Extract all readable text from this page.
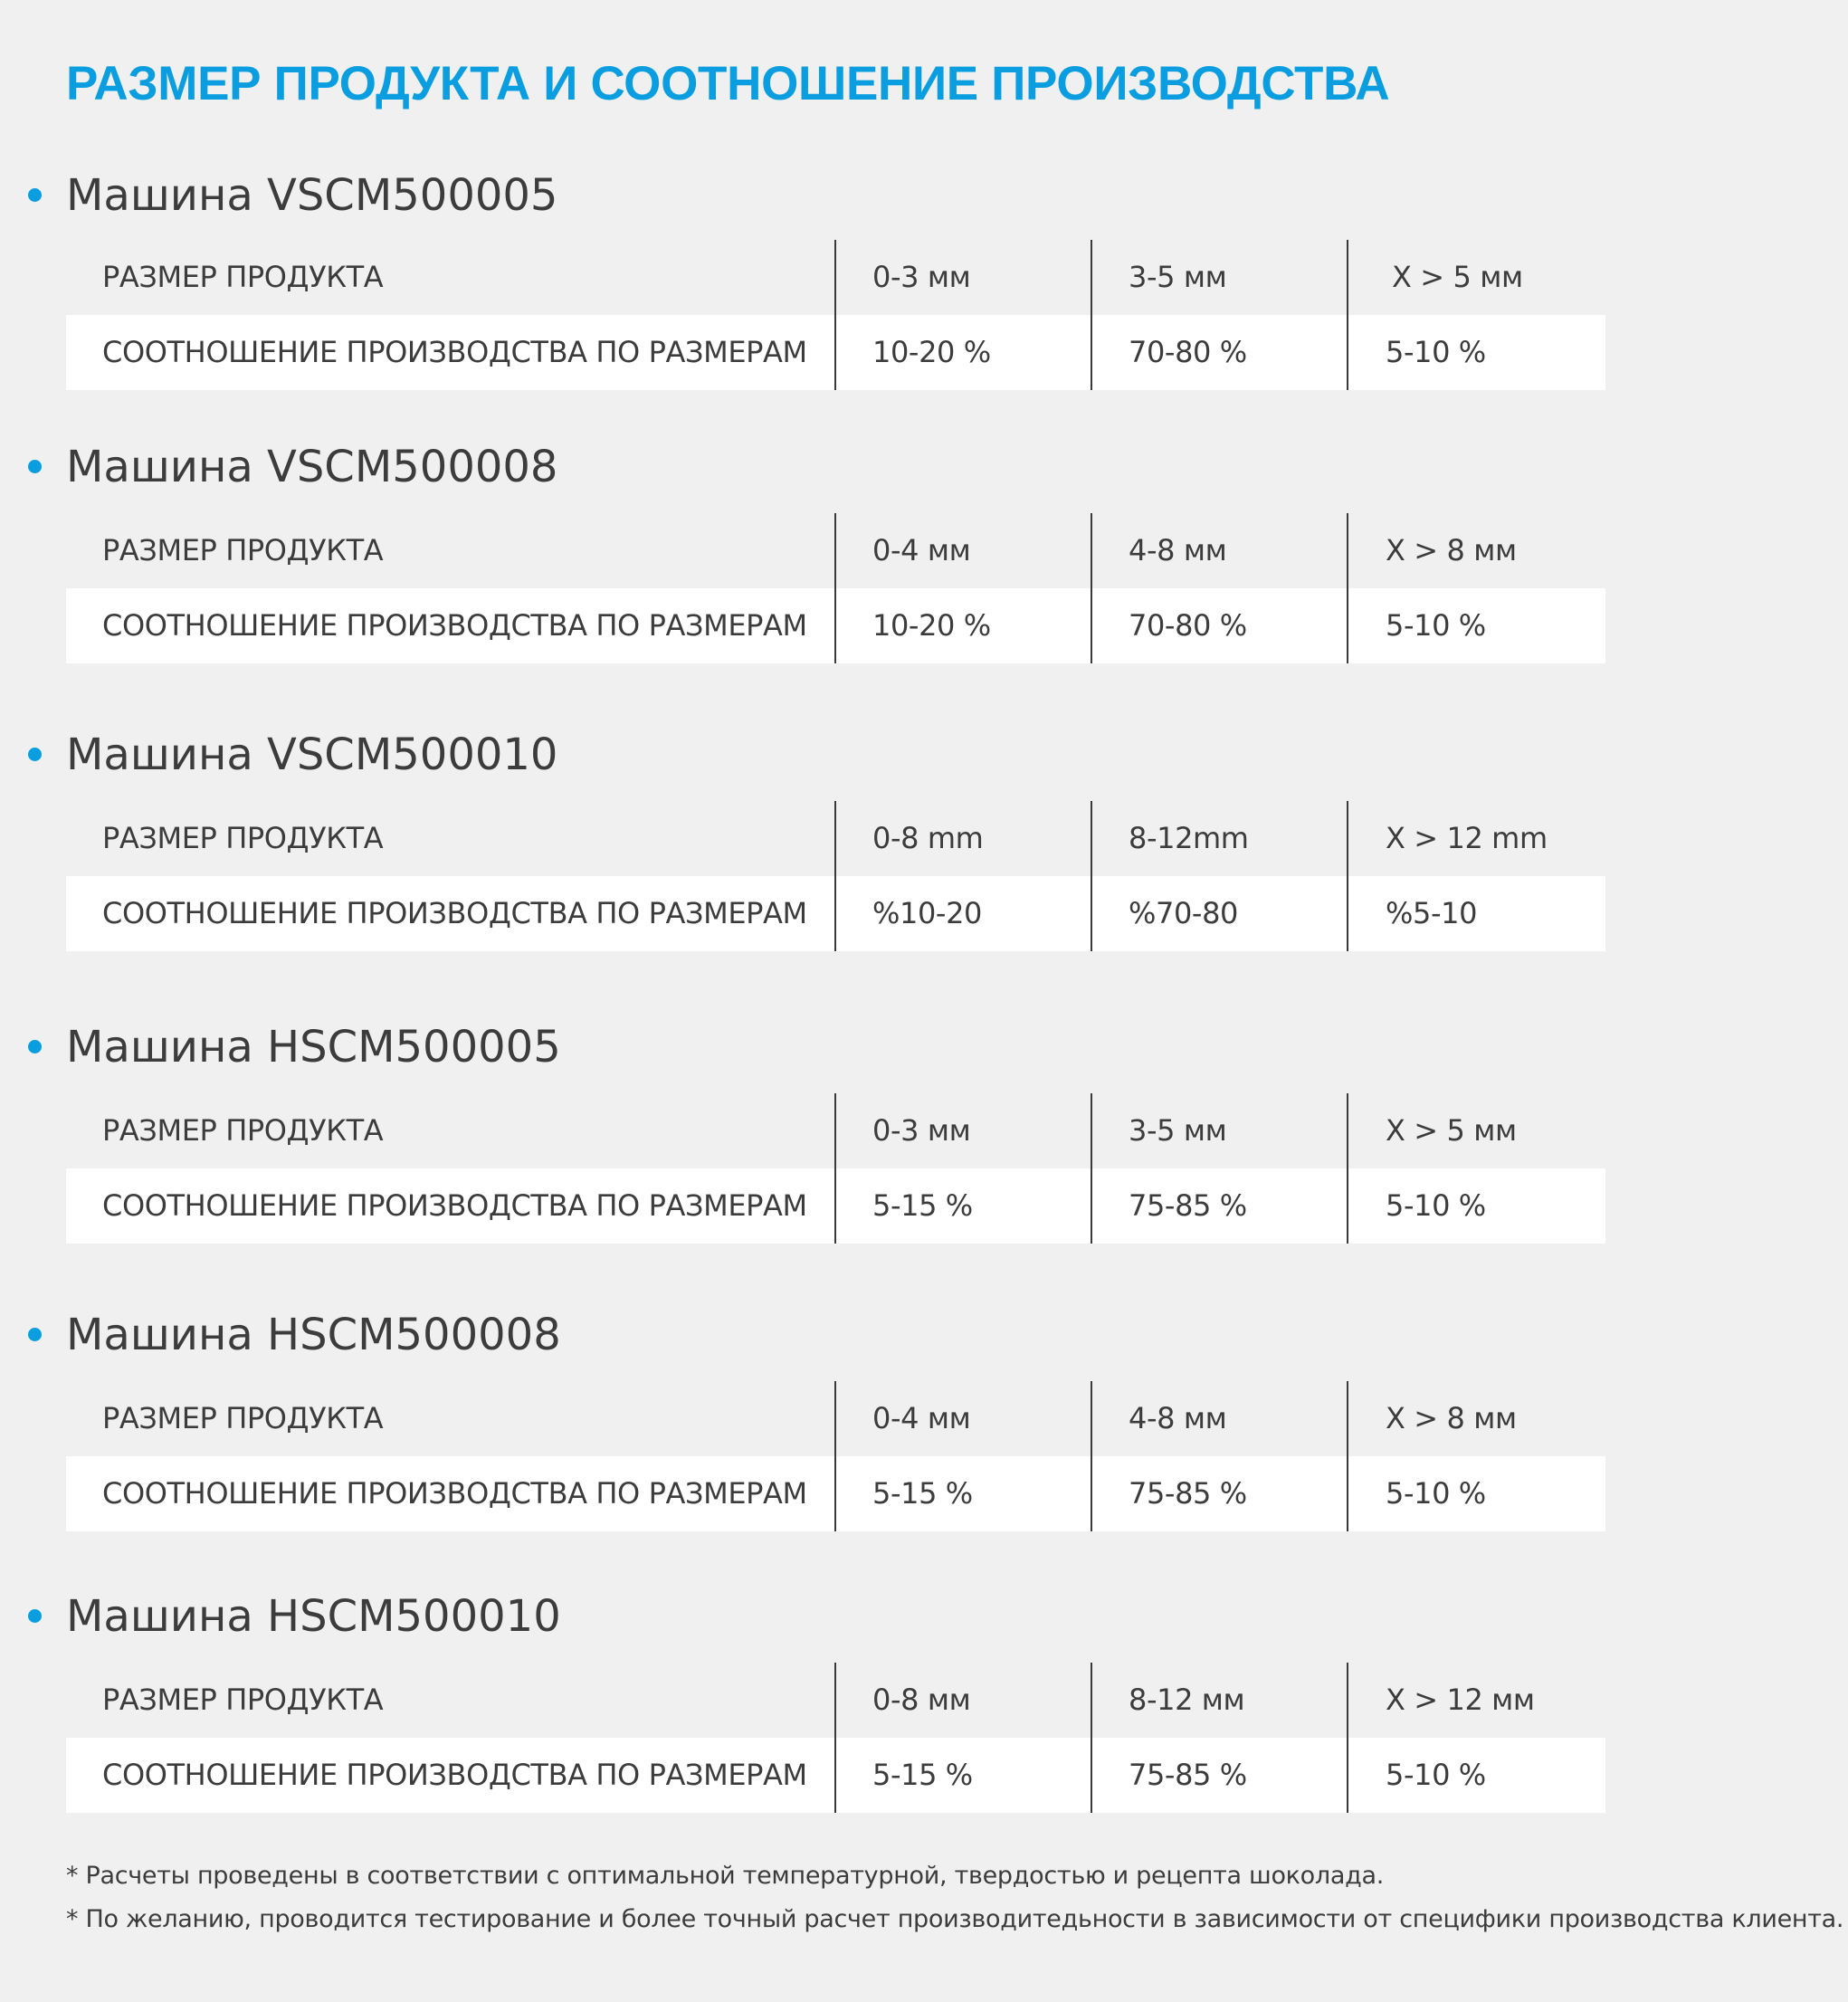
РАЗМЕР ПРОДУКТА И СООТНОШЕНИЕ ПРОИЗВОДСТВА
Машина VSCM500005
РАЗМЕР ПРОДУКТА	0-3 мм	3-5 мм	X > 5 мм
СООТНОШЕНИЕ ПРОИЗВОДСТВА ПО РАЗМЕРАМ 10-20 %	70-80 %	5-10 %
Машина VSCM500008
РАЗМЕР ПРОДУКТА	0-4 мм	4-8 мм	X > 8 мм
СООТНОШЕНИЕ ПРОИЗВОДСТВА ПО РАЗМЕРАМ 10-20 %	70-80 %	5-10 %
Машина VSCM500010
РАЗМЕР ПРОДУКТА	0-8 mm	8-12mm	X > 12 mm
СООТНОШЕНИЕ ПРОИЗВОДСТВА ПО РАЗМЕРАМ %10-20	%70-80	%5-10
Машина HSCM500005
РАЗМЕР ПРОДУКТА	0-3 мм	3-5 мм	X > 5 мм
СООТНОШЕНИЕ ПРОИЗВОДСТВА ПО РАЗМЕРАМ 5-15 %	75-85 %	5-10 %
Машина HSCM500008
РАЗМЕР ПРОДУКТА	0-4 мм	4-8 мм	X > 8 мм
СООТНОШЕНИЕ ПРОИЗВОДСТВА ПО РАЗМЕРАМ 5-15 %	75-85 %	5-10 %
Машина HSCM500010
РАЗМЕР ПРОДУКТА	0-8 мм	8-12 мм	X > 12 мм
СООТНОШЕНИЕ ПРОИЗВОДСТВА ПО РАЗМЕРАМ 5-15 %	75-85 %	5-10 %

* Расчеты проведены в соответствии с оптимальной температурной, твердостью и рецепта шоколада.

* По желанию, проводится тестирование и более точный расчет производитедьности в зависимости от специфики производства клиента.
